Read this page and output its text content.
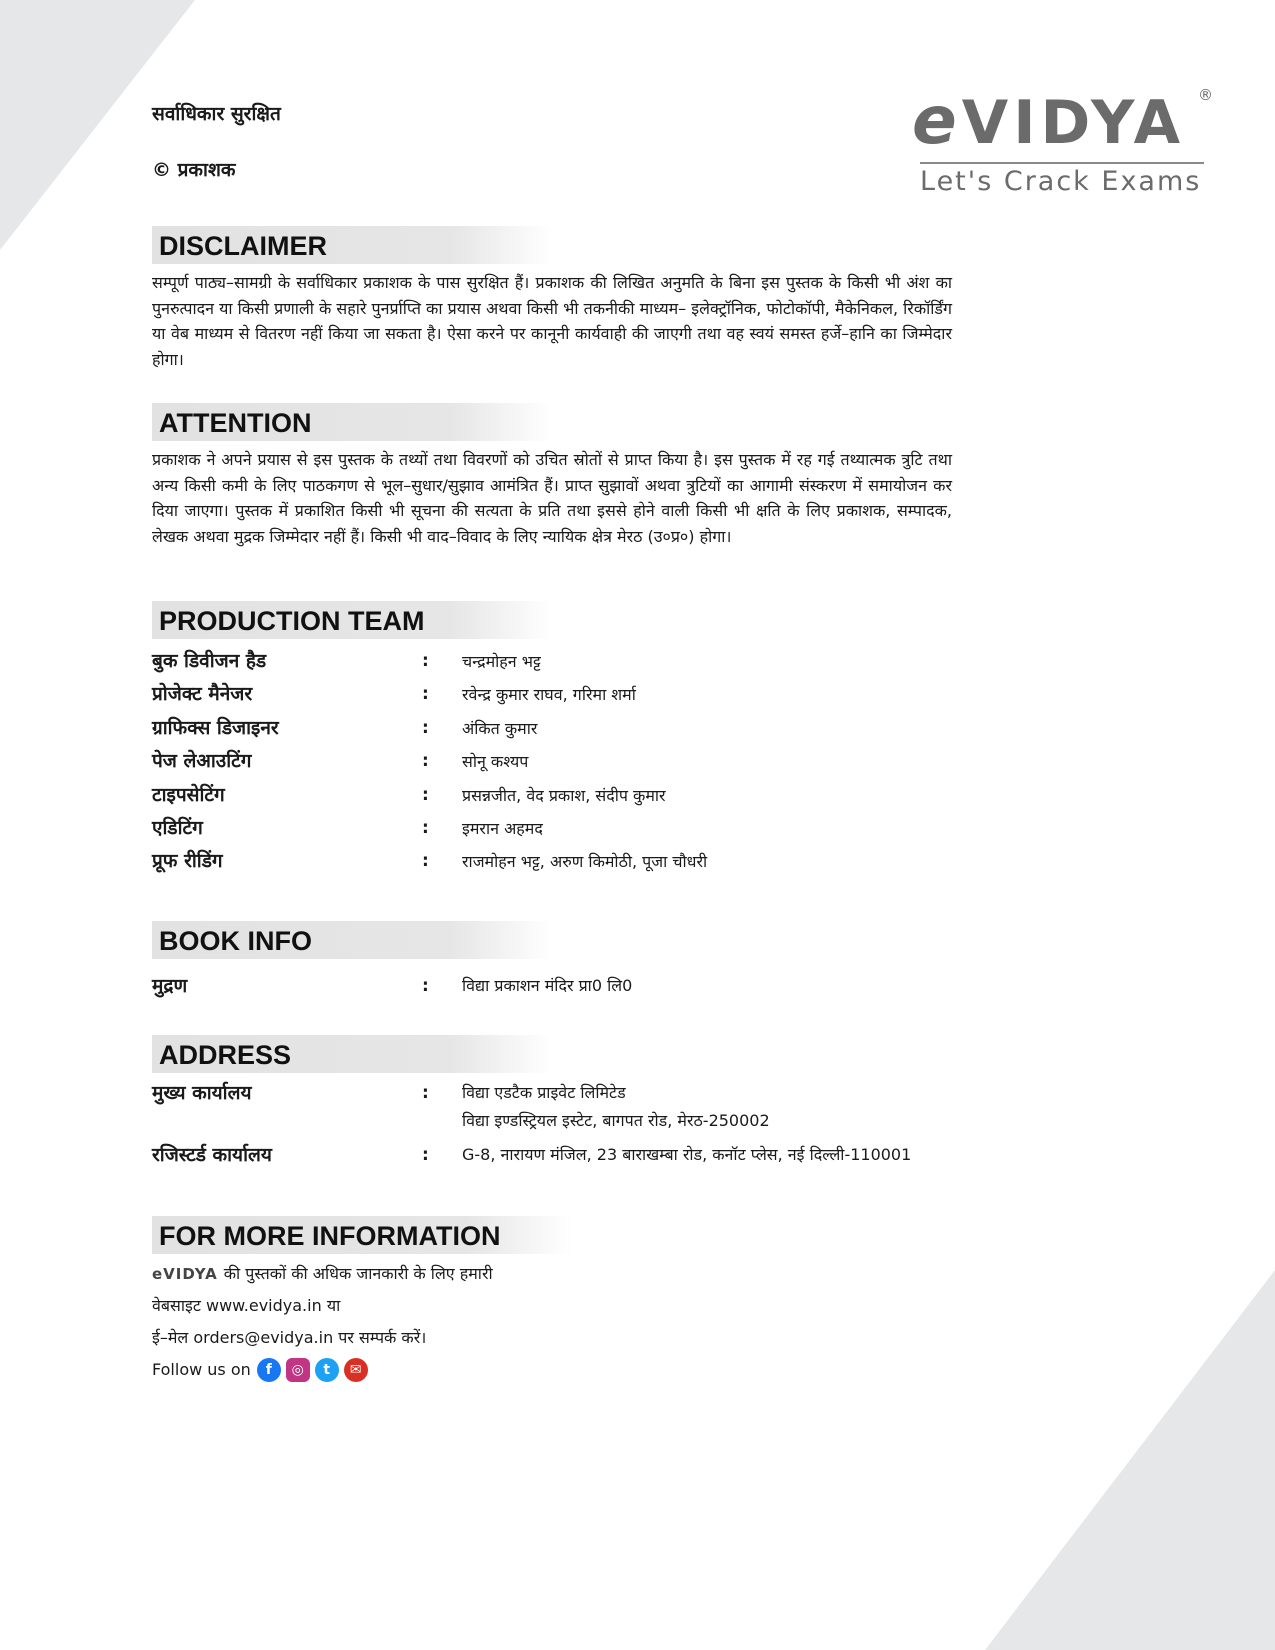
सर्वाधिकार सुरक्षित

© प्रकाशक

eVIDYA ®
Let's Crack Exams
DISCLAIMER

सम्पूर्ण पाठ्य–सामग्री के सर्वाधिकार प्रकाशक के पास सुरक्षित हैं। प्रकाशक की लिखित अनुमति के बिना इस पुस्तक के किसी भी अंश का पुनरुत्पादन या किसी प्रणाली के सहारे पुनर्प्राप्ति का प्रयास अथवा किसी भी तकनीकी माध्यम– इलेक्ट्रॉनिक, फोटोकॉपी, मैकेनिकल, रिकॉर्डिंग या वेब माध्यम से वितरण नहीं किया जा सकता है। ऐसा करने पर कानूनी कार्यवाही की जाएगी तथा वह स्वयं समस्त हर्जे–हानि का जिम्मेदार होगा।

ATTENTION

प्रकाशक ने अपने प्रयास से इस पुस्तक के तथ्यों तथा विवरणों को उचित स्रोतों से प्राप्त किया है। इस पुस्तक में रह गई तथ्यात्मक त्रुटि तथा अन्य किसी कमी के लिए पाठकगण से भूल–सुधार/सुझाव आमंत्रित हैं। प्राप्त सुझावों अथवा त्रुटियों का आगामी संस्करण में समायोजन कर दिया जाएगा। पुस्तक में प्रकाशित किसी भी सूचना की सत्यता के प्रति तथा इससे होने वाली किसी भी क्षति के लिए प्रकाशक, सम्पादक, लेखक अथवा मुद्रक जिम्मेदार नहीं हैं। किसी भी वाद–विवाद के लिए न्यायिक क्षेत्र मेरठ (उ०प्र०) होगा।

PRODUCTION TEAM
बुक डिवीजन हैड	:	चन्द्रमोहन भट्ट
प्रोजेक्ट मैनेजर	:	रवेन्द्र कुमार राघव, गरिमा शर्मा
ग्राफिक्स डिजाइनर	:	अंकित कुमार
पेज लेआउटिंग	:	सोनू कश्यप
टाइपसेटिंग	:	प्रसन्नजीत, वेद प्रकाश, संदीप कुमार
एडिटिंग	:	इमरान अहमद
प्रूफ रीडिंग	:	राजमोहन भट्ट, अरुण किमोठी, पूजा चौधरी
BOOK INFO
मुद्रण	:	विद्या प्रकाशन मंदिर प्रा0 लि0
ADDRESS
मुख्य कार्यालय	:	विद्या एडटैक प्राइवेट लिमिटेड
विद्या इण्डस्ट्रियल इस्टेट, बागपत रोड, मेरठ-250002
रजिस्टर्ड कार्यालय	:	G-8, नारायण मंजिल, 23 बाराखम्बा रोड, कनॉट प्लेस, नई दिल्ली-110001
FOR MORE INFORMATION
eVIDYA की पुस्तकों की अधिक जानकारी के लिए हमारी
वेबसाइट www.evidya.in या
ई–मेल orders@evidya.in पर सम्पर्क करें।
Follow us on	f	◎	t	✉
